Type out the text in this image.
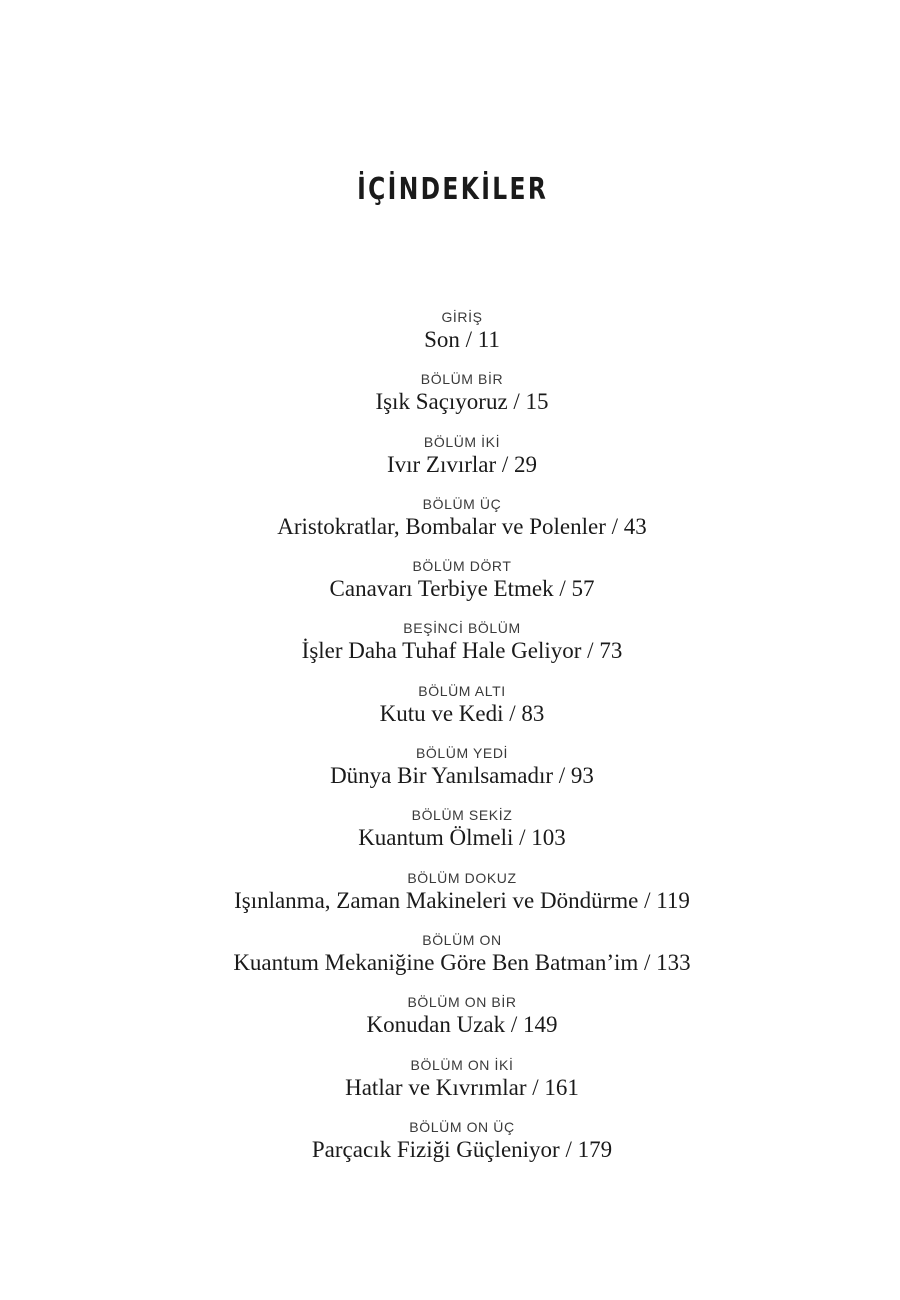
İÇİNDEKİLER
GİRİŞ
Son / 11
BÖLÜM BİR
Işık Saçıyoruz / 15
BÖLÜM İKİ
Ivır Zıvırlar / 29
BÖLÜM ÜÇ
Aristokratlar, Bombalar ve Polenler / 43
BÖLÜM DÖRT
Canavarı Terbiye Etmek / 57
BEŞİNCİ BÖLÜM
İşler Daha Tuhaf Hale Geliyor / 73
BÖLÜM ALTI
Kutu ve Kedi / 83
BÖLÜM YEDİ
Dünya Bir Yanılsamadır / 93
BÖLÜM SEKİZ
Kuantum Ölmeli / 103
BÖLÜM DOKUZ
Işınlanma, Zaman Makineleri ve Döndürme / 119
BÖLÜM ON
Kuantum Mekaniğine Göre Ben Batman’im / 133
BÖLÜM ON BİR
Konudan Uzak / 149
BÖLÜM ON İKİ
Hatlar ve Kıvrımlar / 161
BÖLÜM ON ÜÇ
Parçacık Fiziği Güçleniyor / 179
